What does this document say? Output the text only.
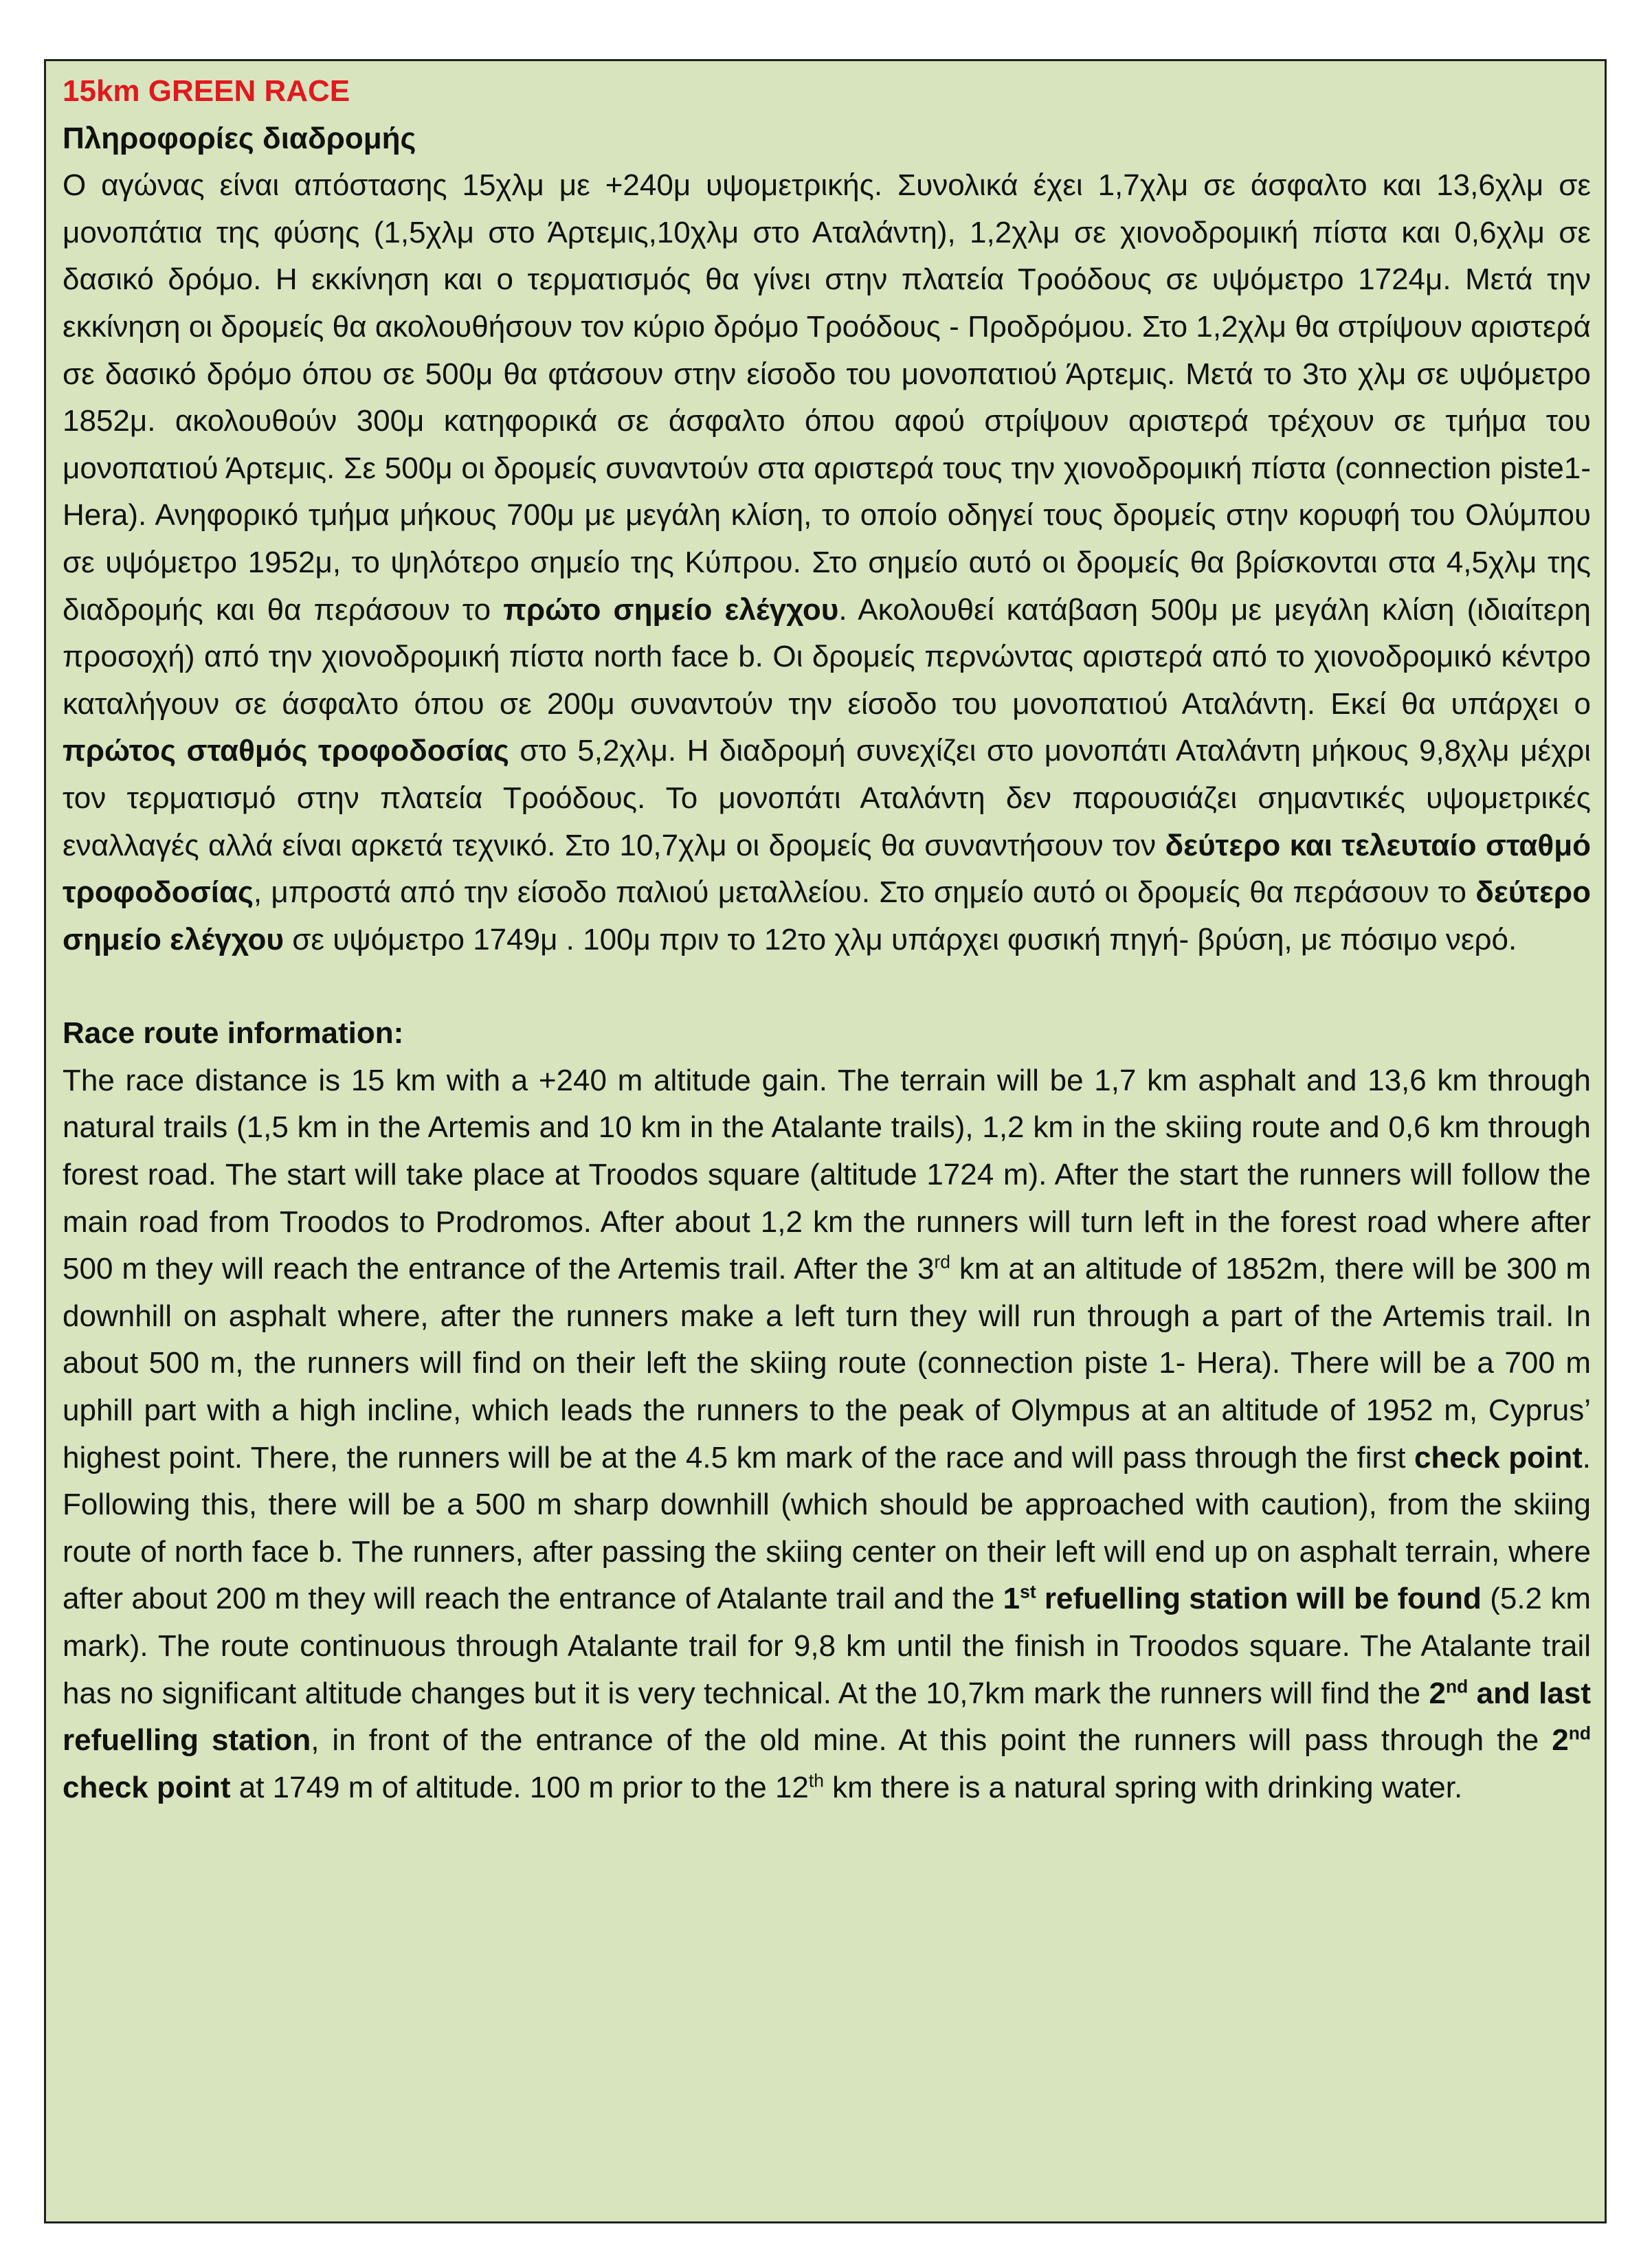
15km GREEN RACE

Πληροφορίες διαδρομής

Ο αγώνας είναι απόστασης 15χλμ με +240μ υψομετρικής. Συνολικά έχει 1,7χλμ σε άσφαλτο και 13,6χλμ σε μονοπάτια της φύσης (1,5χλμ στο Άρτεμις,10χλμ στο Αταλάντη), 1,2χλμ σε χιονοδρομική πίστα και 0,6χλμ σε δασικό δρόμο. Η εκκίνηση και ο τερματισμός θα γίνει στην πλατεία Τροόδους σε υψόμετρο 1724μ. Μετά την εκκίνηση οι δρομείς θα ακολουθήσουν τον κύριο δρόμο Τροόδους - Προδρόμου. Στο 1,2χλμ θα στρίψουν αριστερά σε δασικό δρόμο όπου σε 500μ θα φτάσουν στην είσοδο του μονοπατιού Άρτεμις. Μετά το 3το χλμ σε υψόμετρο 1852μ. ακολουθούν 300μ κατηφορικά σε άσφαλτο όπου αφού στρίψουν αριστερά τρέχουν σε τμήμα του μονοπατιού Άρτεμις. Σε 500μ οι δρομείς συναντούν στα αριστερά τους την χιονοδρομική πίστα (connection piste1- Hera). Ανηφορικό τμήμα μήκους 700μ με μεγάλη κλίση, το οποίο οδηγεί τους δρομείς στην κορυφή του Ολύμπου σε υψόμετρο 1952μ, το ψηλότερο σημείο της Κύπρου. Στο σημείο αυτό οι δρομείς θα βρίσκονται στα 4,5χλμ της διαδρομής και θα περάσουν το πρώτο σημείο ελέγχου. Ακολουθεί κατάβαση 500μ με μεγάλη κλίση (ιδιαίτερη προσοχή) από την χιονοδρομική πίστα north face b. Οι δρομείς περνώντας αριστερά από το χιονοδρομικό κέντρο καταλήγουν σε άσφαλτο όπου σε 200μ συναντούν την είσοδο του μονοπατιού Αταλάντη. Εκεί θα υπάρχει ο πρώτος σταθμός τροφοδοσίας στο 5,2χλμ. Η διαδρομή συνεχίζει στο μονοπάτι Αταλάντη μήκους 9,8χλμ μέχρι τον τερματισμό στην πλατεία Τροόδους. Το μονοπάτι Αταλάντη δεν παρουσιάζει σημαντικές υψομετρικές εναλλαγές αλλά είναι αρκετά τεχνικό. Στο 10,7χλμ οι δρομείς θα συναντήσουν τον δεύτερο και τελευταίο σταθμό τροφοδοσίας, μπροστά από την είσοδο παλιού μεταλλείου. Στο σημείο αυτό οι δρομείς θα περάσουν το δεύτερο σημείο ελέγχου σε υψόμετρο 1749μ . 100μ πριν το 12το χλμ υπάρχει φυσική πηγή- βρύση, με πόσιμο νερό.

Race route information:

The race distance is 15 km with a +240 m altitude gain. The terrain will be 1,7 km asphalt and 13,6 km through natural trails (1,5 km in the Artemis and 10 km in the Atalante trails), 1,2 km in the skiing route and 0,6 km through forest road. The start will take place at Troodos square (altitude 1724 m). After the start the runners will follow the main road from Troodos to Prodromos. After about 1,2 km the runners will turn left in the forest road where after 500 m they will reach the entrance of the Artemis trail. After the 3rd km at an altitude of 1852m, there will be 300 m downhill on asphalt where, after the runners make a left turn they will run through a part of the Artemis trail. In about 500 m, the runners will find on their left the skiing route (connection piste 1- Hera). There will be a 700 m uphill part with a high incline, which leads the runners to the peak of Olympus at an altitude of 1952 m, Cyprus’ highest point. There, the runners will be at the 4.5 km mark of the race and will pass through the first check point. Following this, there will be a 500 m sharp downhill (which should be approached with caution), from the skiing route of north face b. The runners, after passing the skiing center on their left will end up on asphalt terrain, where after about 200 m they will reach the entrance of Atalante trail and the 1st refuelling station will be found (5.2 km mark). The route continuous through Atalante trail for 9,8 km until the finish in Troodos square. The Atalante trail has no significant altitude changes but it is very technical. At the 10,7km mark the runners will find the 2nd and last refuelling station, in front of the entrance of the old mine. At this point the runners will pass through the 2nd check point at 1749 m of altitude. 100 m prior to the 12th km there is a natural spring with drinking water.
